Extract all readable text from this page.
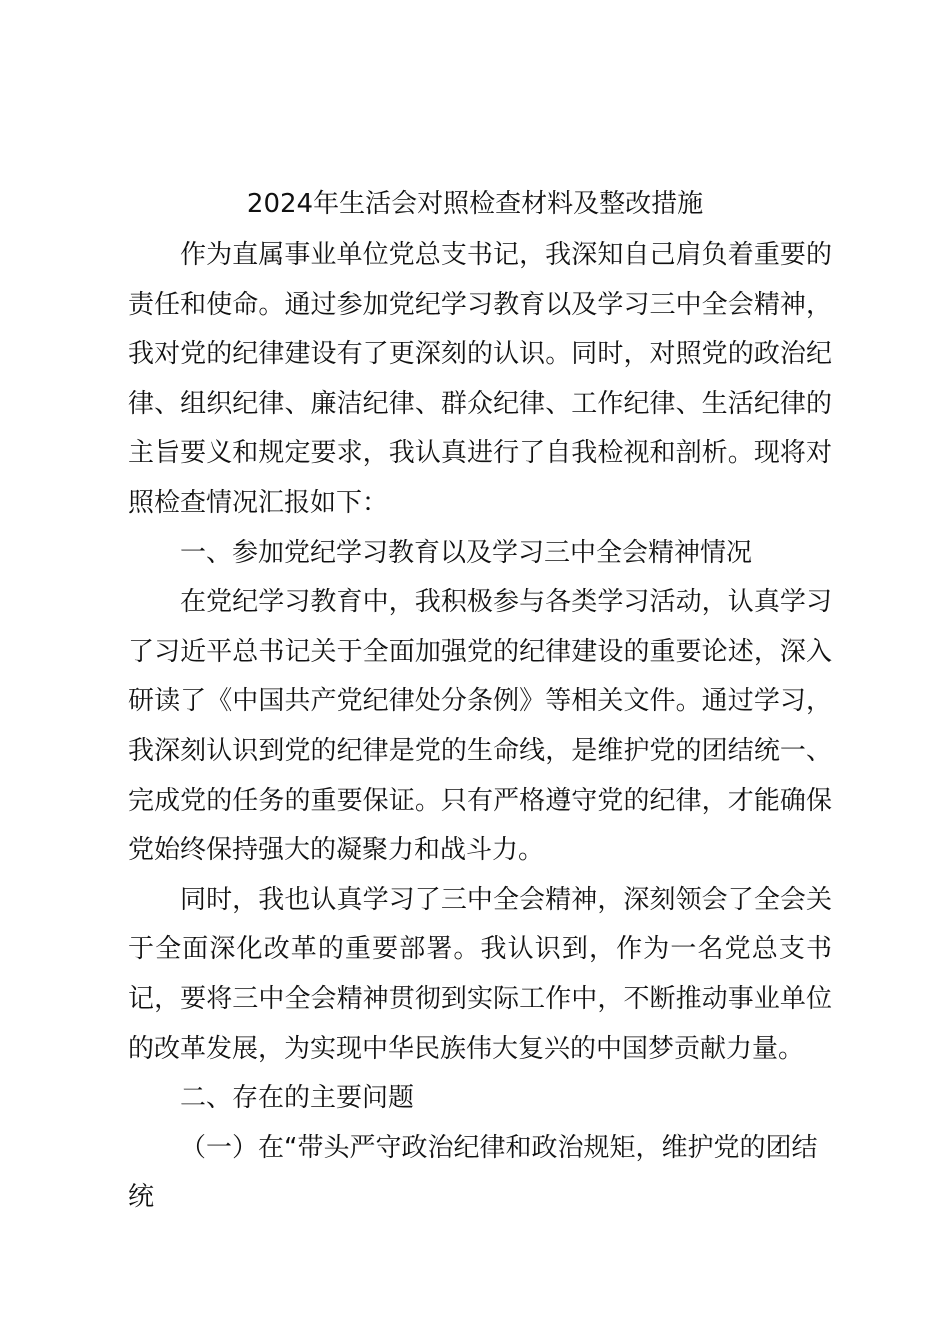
2024年生活会对照检查材料及整改措施

作为直属事业单位党总支书记，我深知自己肩负着重要的责任和使命。通过参加党纪学习教育以及学习三中全会精神，我对党的纪律建设有了更深刻的认识。同时，对照党的政治纪律、组织纪律、廉洁纪律、群众纪律、工作纪律、生活纪律的主旨要义和规定要求，我认真进行了自我检视和剖析。现将对照检查情况汇报如下：

一、参加党纪学习教育以及学习三中全会精神情况

在党纪学习教育中，我积极参与各类学习活动，认真学习了习近平总书记关于全面加强党的纪律建设的重要论述，深入研读了《中国共产党纪律处分条例》等相关文件。通过学习，我深刻认识到党的纪律是党的生命线，是维护党的团结统一、完成党的任务的重要保证。只有严格遵守党的纪律，才能确保党始终保持强大的凝聚力和战斗力。

同时，我也认真学习了三中全会精神，深刻领会了全会关于全面深化改革的重要部署。我认识到，作为一名党总支书记，要将三中全会精神贯彻到实际工作中，不断推动事业单位的改革发展，为实现中华民族伟大复兴的中国梦贡献力量。

二、存在的主要问题

（一）在“带头严守政治纪律和政治规矩，维护党的团结统
